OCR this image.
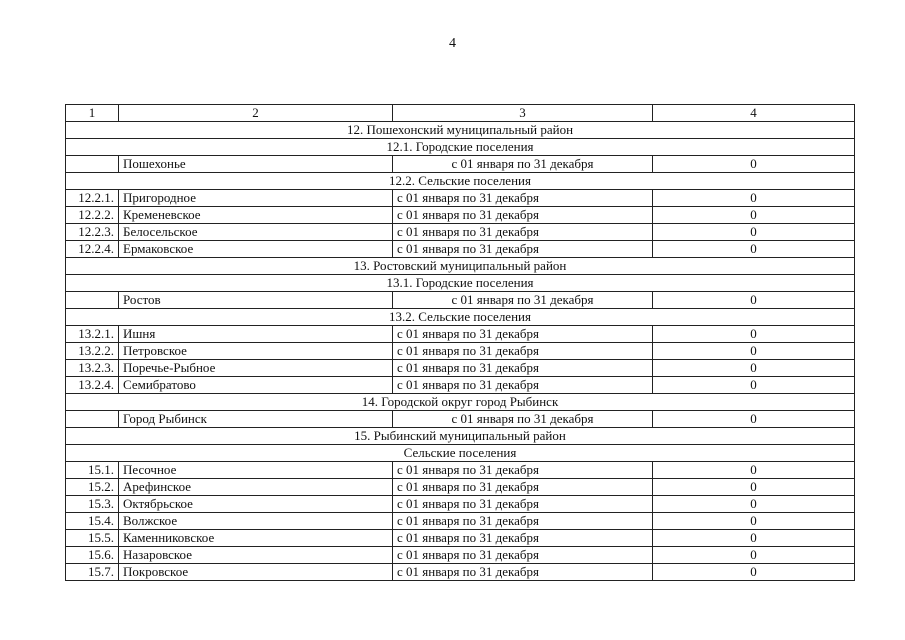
4
1	2	3	4
12. Пошехонский муниципальный район			
12.1. Городские поселения			
	Пошехонье	с 01 января по 31 декабря	0
12.2. Сельские поселения			
12.2.1.	Пригородное	с 01 января по 31 декабря	0
12.2.2.	Кременевское	с 01 января по 31 декабря	0
12.2.3.	Белосельское	с 01 января по 31 декабря	0
12.2.4.	Ермаковское	с 01 января по 31 декабря	0
13. Ростовский муниципальный район			
13.1. Городские поселения			
	Ростов	с 01 января по 31 декабря	0
13.2. Сельские поселения			
13.2.1.	Ишня	с 01 января по 31 декабря	0
13.2.2.	Петровское	с 01 января по 31 декабря	0
13.2.3.	Поречье-Рыбное	с 01 января по 31 декабря	0
13.2.4.	Семибратово	с 01 января по 31 декабря	0
14. Городской округ город Рыбинск			
	Город Рыбинск	с 01 января по 31 декабря	0
15. Рыбинский муниципальный район			
Сельские поселения			
15.1.	Песочное	с 01 января по 31 декабря	0
15.2.	Арефинское	с 01 января по 31 декабря	0
15.3.	Октябрьское	с 01 января по 31 декабря	0
15.4.	Волжское	с 01 января по 31 декабря	0
15.5.	Каменниковское	с 01 января по 31 декабря	0
15.6.	Назаровское	с 01 января по 31 декабря	0
15.7.	Покровское	с 01 января по 31 декабря	0
